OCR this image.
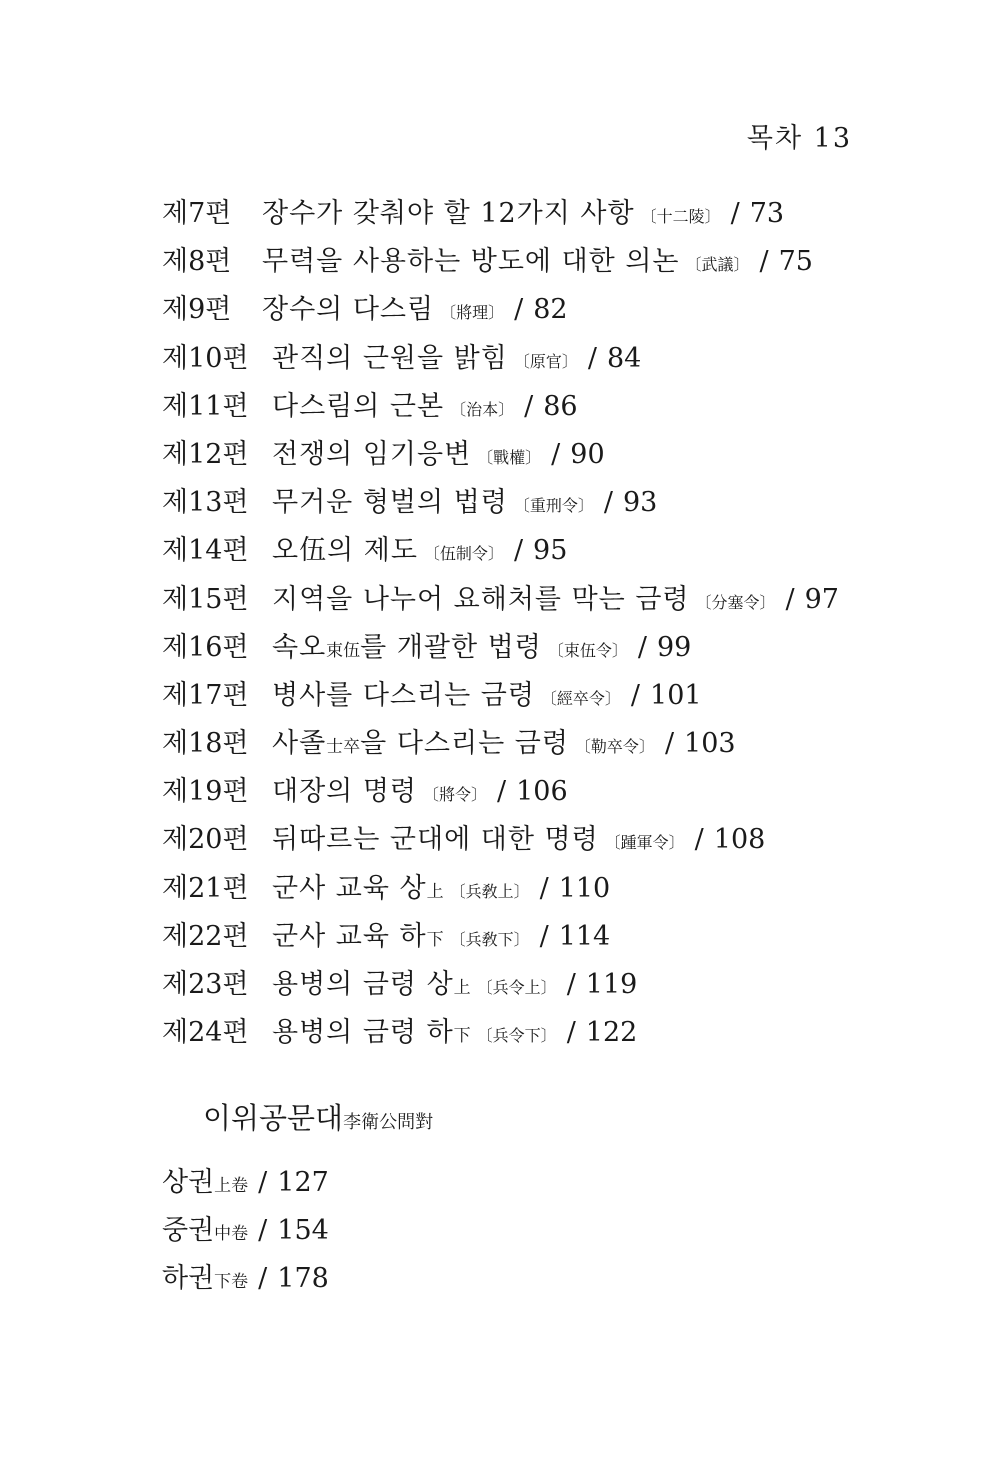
목차 13
제7편	장수가 갖춰야 할 12가지 사항 〔十二陵〕 / 73
제8편	무력을 사용하는 방도에 대한 의논 〔武議〕 / 75
제9편	장수의 다스림 〔將理〕 / 82
제10편 관직의 근원을 밝힘 〔原官〕 / 84
제11편 다스림의 근본 〔治本〕 / 86
제12편 전쟁의 임기응변 〔戰權〕 / 90
제13편 무거운 형벌의 법령 〔重刑令〕 / 93
제14편 오伍의 제도 〔伍制令〕 / 95
제15편 지역을 나누어 요해처를 막는 금령 〔分塞令〕 / 97
제16편 속오 束伍 를 개괄한 법령 〔束伍令〕 / 99
제17편 병사를 다스리는 금령 〔經卒令〕 / 101
제18편 사졸 士卒 을 다스리는 금령 〔勒卒令〕 / 103
제19편 대장의 명령 〔將令〕 / 106
제20편 뒤따르는 군대에 대한 명령 〔踵軍令〕 / 108
제21편 군사 교육 상 上 〔兵敎上〕 / 110
제22편 군사 교육 하 下 〔兵敎下〕 / 114
제23편 용병의 금령 상 上 〔兵令上〕 / 119
제24편 용병의 금령 하 下 〔兵令下〕 / 122
이위공문대 李衛公問對
상권 上卷 / 127
중권 中卷 / 154
하권 下卷 / 178
